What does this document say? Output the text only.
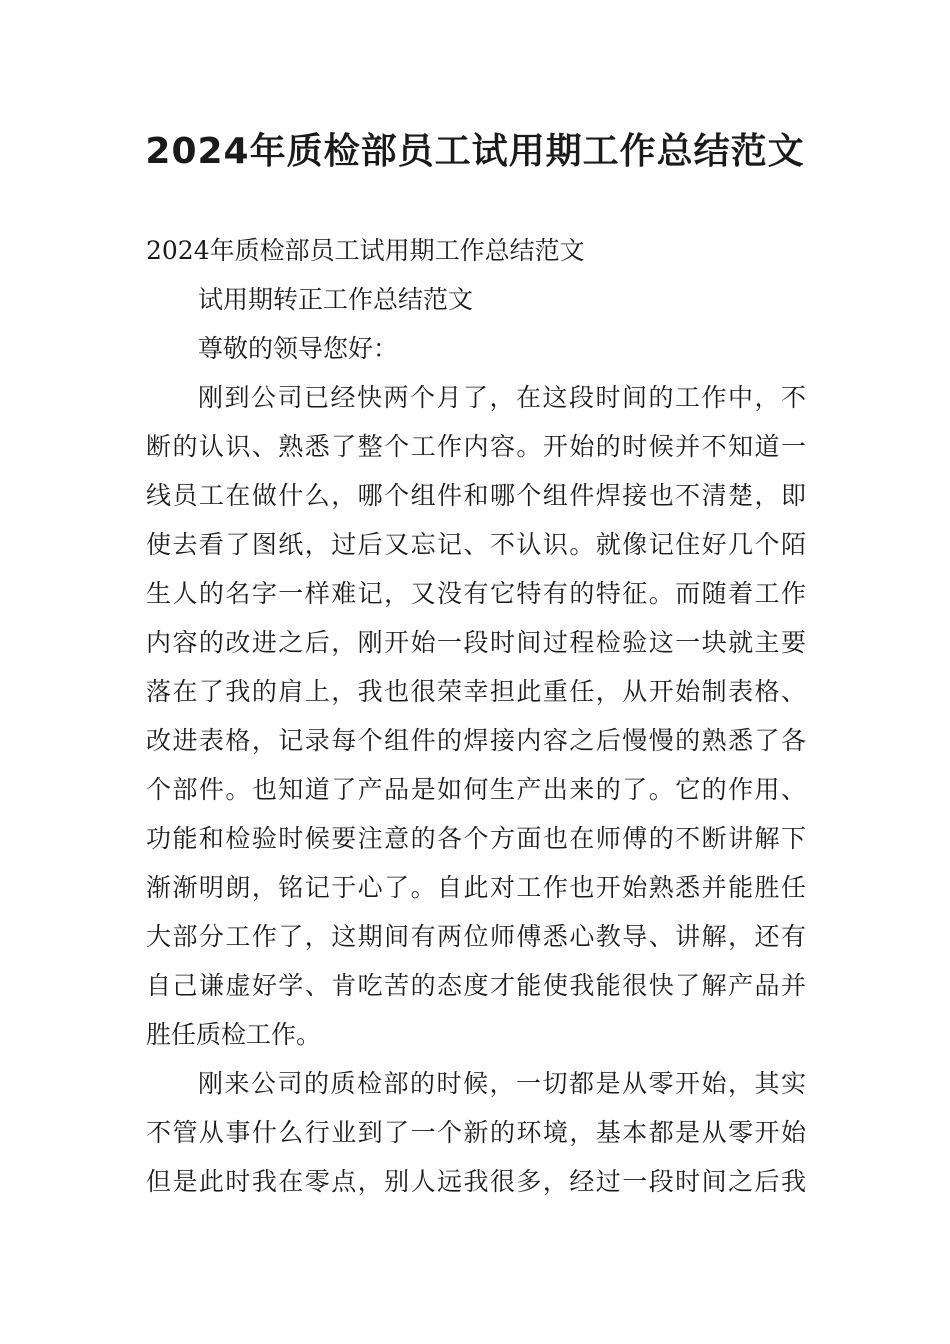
2024年质检部员工试用期工作总结范文
2024年质检部员工试用期工作总结范文
试用期转正工作总结范文
尊敬的领导您好：
刚到公司已经快两个月了，在这段时间的工作中，不
断的认识、熟悉了整个工作内容。开始的时候并不知道一
线员工在做什么，哪个组件和哪个组件焊接也不清楚，即
使去看了图纸，过后又忘记、不认识。就像记住好几个陌
生人的名字一样难记，又没有它特有的特征。而随着工作
内容的改进之后，刚开始一段时间过程检验这一块就主要
落在了我的肩上，我也很荣幸担此重任，从开始制表格、
改进表格，记录每个组件的焊接内容之后慢慢的熟悉了各
个部件。也知道了产品是如何生产出来的了。它的作用、
功能和检验时候要注意的各个方面也在师傅的不断讲解下
渐渐明朗，铭记于心了。自此对工作也开始熟悉并能胜任
大部分工作了，这期间有两位师傅悉心教导、讲解，还有
自己谦虚好学、肯吃苦的态度才能使我能很快了解产品并
胜任质检工作。
刚来公司的质检部的时候，一切都是从零开始，其实
不管从事什么行业到了一个新的环境，基本都是从零开始
但是此时我在零点，别人远我很多，经过一段时间之后我
